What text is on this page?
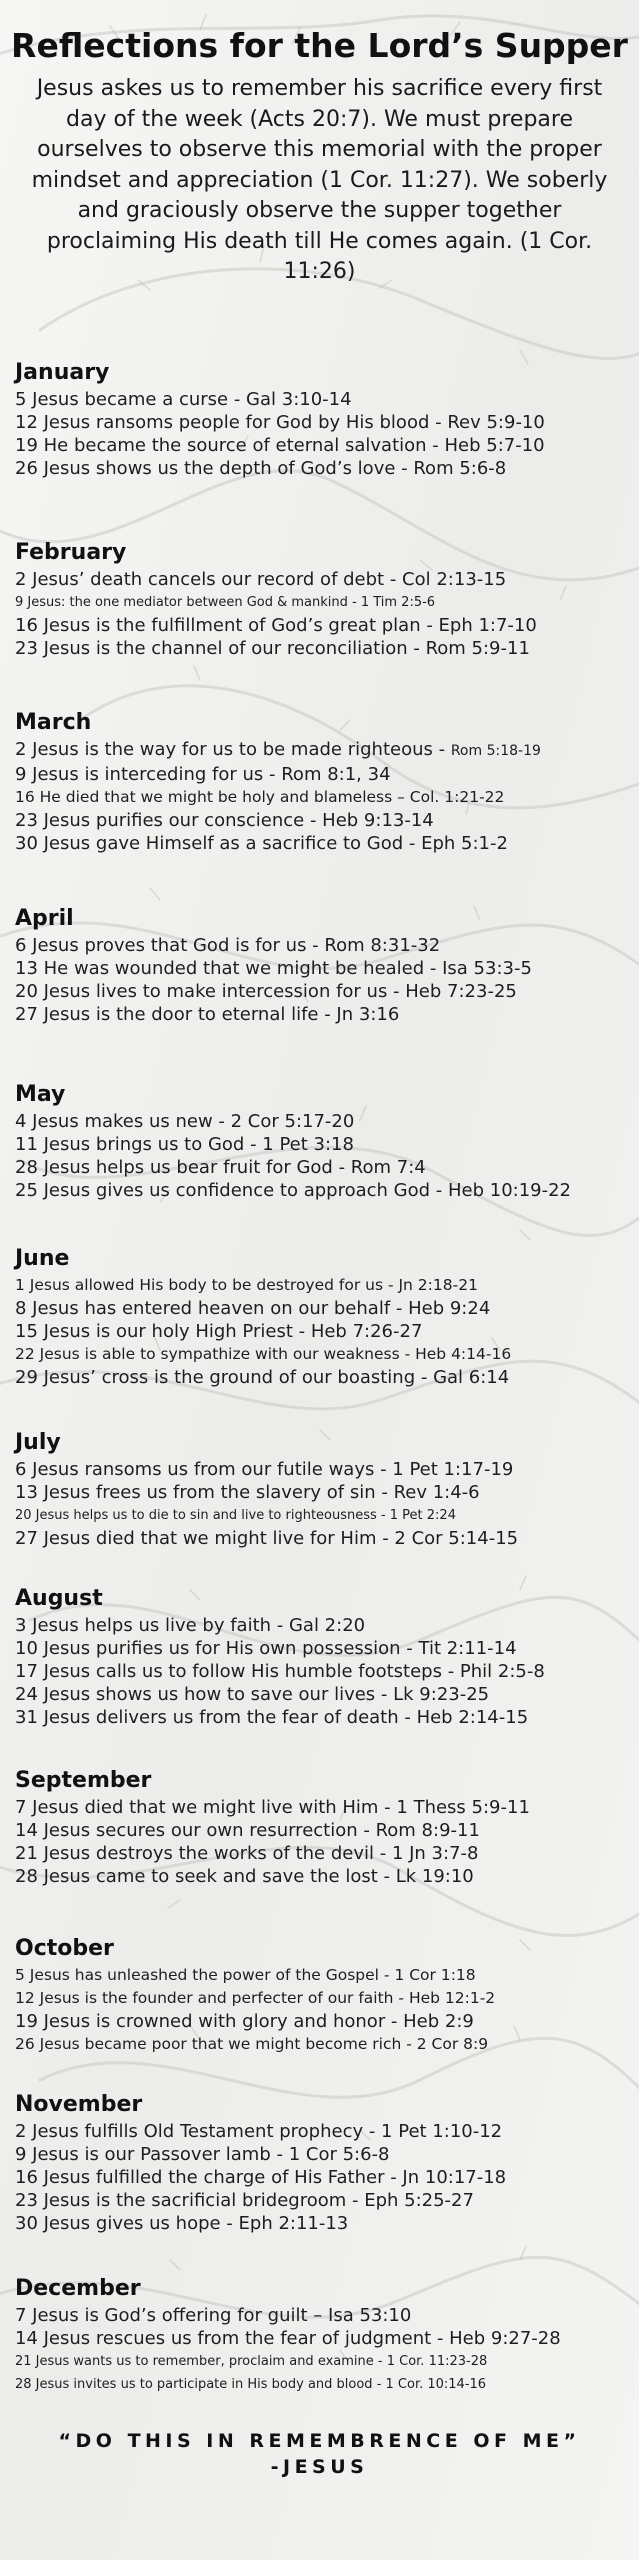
Reflections for the Lord’s Supper
Jesus askes us to remember his sacrifice every first day of the week (Acts 20:7). We must prepare ourselves to observe this memorial with the proper mindset and appreciation (1 Cor. 11:27). We soberly and graciously observe the supper together proclaiming His death till He comes again. (1 Cor. 11:26)
January
5 Jesus became a curse - Gal 3:10-14
12 Jesus ransoms people for God by His blood - Rev 5:9-10
19 He became the source of eternal salvation - Heb 5:7-10
26 Jesus shows us the depth of God’s love - Rom 5:6-8
February
2 Jesus’ death cancels our record of debt - Col 2:13-15
9 Jesus: the one mediator between God & mankind - 1 Tim 2:5-6
16 Jesus is the fulfillment of God’s great plan - Eph 1:7-10
23 Jesus is the channel of our reconciliation - Rom 5:9-11
March
2 Jesus is the way for us to be made righteous - Rom 5:18-19
9 Jesus is interceding for us - Rom 8:1, 34
16 He died that we might be holy and blameless – Col. 1:21-22
23 Jesus purifies our conscience - Heb 9:13-14
30 Jesus gave Himself as a sacrifice to God - Eph 5:1-2
April
6 Jesus proves that God is for us - Rom 8:31-32
13 He was wounded that we might be healed - Isa 53:3-5
20 Jesus lives to make intercession for us - Heb 7:23-25
27 Jesus is the door to eternal life - Jn 3:16
May
4 Jesus makes us new - 2 Cor 5:17-20
11 Jesus brings us to God - 1 Pet 3:18
28 Jesus helps us bear fruit for God - Rom 7:4
25 Jesus gives us confidence to approach God - Heb 10:19-22
June
1 Jesus allowed His body to be destroyed for us - Jn 2:18-21
8 Jesus has entered heaven on our behalf - Heb 9:24
15 Jesus is our holy High Priest - Heb 7:26-27
22 Jesus is able to sympathize with our weakness - Heb 4:14-16
29 Jesus’ cross is the ground of our boasting - Gal 6:14
July
6 Jesus ransoms us from our futile ways - 1 Pet 1:17-19
13 Jesus frees us from the slavery of sin - Rev 1:4-6
20 Jesus helps us to die to sin and live to righteousness - 1 Pet 2:24
27 Jesus died that we might live for Him - 2 Cor 5:14-15
August
3 Jesus helps us live by faith - Gal 2:20
10 Jesus purifies us for His own possession - Tit 2:11-14
17 Jesus calls us to follow His humble footsteps - Phil 2:5-8
24 Jesus shows us how to save our lives - Lk 9:23-25
31 Jesus delivers us from the fear of death - Heb 2:14-15
September
7 Jesus died that we might live with Him - 1 Thess 5:9-11
14 Jesus secures our own resurrection - Rom 8:9-11
21 Jesus destroys the works of the devil - 1 Jn 3:7-8
28 Jesus came to seek and save the lost - Lk 19:10
October
5 Jesus has unleashed the power of the Gospel - 1 Cor 1:18
12 Jesus is the founder and perfecter of our faith - Heb 12:1-2
19 Jesus is crowned with glory and honor - Heb 2:9
26 Jesus became poor that we might become rich - 2 Cor 8:9
November
2 Jesus fulfills Old Testament prophecy - 1 Pet 1:10-12
9 Jesus is our Passover lamb - 1 Cor 5:6-8
16 Jesus fulfilled the charge of His Father - Jn 10:17-18
23 Jesus is the sacrificial bridegroom - Eph 5:25-27
30 Jesus gives us hope - Eph 2:11-13
December
7 Jesus is God’s offering for guilt – Isa 53:10
14 Jesus rescues us from the fear of judgment - Heb 9:27-28
21 Jesus wants us to remember, proclaim and examine - 1 Cor. 11:23-28
28 Jesus invites us to participate in His body and blood - 1 Cor. 10:14-16
“DO THIS IN REMEMBRENCE OF ME”
-JESUS
